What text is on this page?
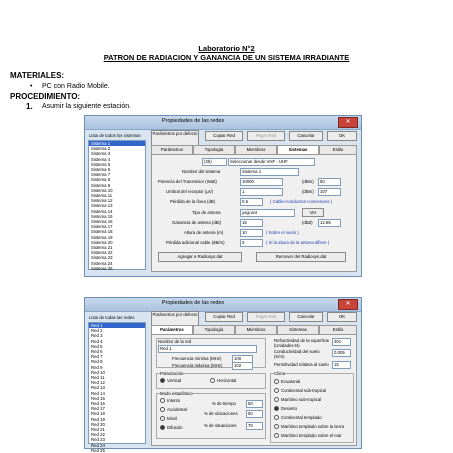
Laboratorio N°2
PATRON DE RADIACION Y GANANCIA DE UN SISTEMA IRRADIANTE
MATERIALES:
• PC con Radio Mobile.
PROCEDIMIENTO:
1. Asumir la siguiente estación.
Propiedades de las redes	✕
Lista de todos los sistemas
Sistema 1
Sistema 2
Sistema 3
Sistema 4
Sistema 5
Sistema 6
Sistema 7
Sistema 8
Sistema 9
Sistema 10
Sistema 11
Sistema 12
Sistema 13
Sistema 14
Sistema 15
Sistema 16
Sistema 17
Sistema 18
Sistema 19
Sistema 20
Sistema 21
Sistema 22
Sistema 23
Sistema 24
Sistema 25
Parámetros por defecto	Copiar Red	Pegar Red	Cancelar	OK
Parámetros	Topología	Miembros	Sistemas	Estilo
(36)	Seleccionar desde VHF - UHF
Nombre del sistema	Sistema 1
Potencia del Transmisor (Watt)	10000	(dBm)	50
Umbral del receptor (µV)	1	(dBm)	107
Pérdida de la línea (dB)	0.5	( Cable+conductos+conectores )
Tipo de antena	yagi.ant	Ver
Ganancia de antena (dBi)	15	(dBd)	12.85
Altura de antena (m)	10	( Sobre el suelo )
Pérdida adicional cable (dB/m)	0	( Si la altura de la antena difiere )
Agregar a Radiosys.dat	Remover del Radiosys.dat
Propiedades de las redes	✕
Lista de todas las redes
Red 1
Red 2
Red 3
Red 4
Red 5
Red 6
Red 7
Red 8
Red 9
Red 10
Red 11
Red 12
Red 13
Red 14
Red 15
Red 16
Red 17
Red 18
Red 19
Red 20
Red 21
Red 22
Red 23
Red 24
Red 25
Parámetros por defecto	Copiar Red	Pegar Red	Cancelar	OK
Parámetros	Topología	Miembros	Sistemas	Estilo
Nombre de la red
Red 1
Frecuencia mínima (MHz)	100
Frecuencia máxima (MHz)	102
Polarización
Vertical	Horizontal
Modo estadístico
Intento
Accidental
Móvil
Difusión
% de tiempo	50
% de ubicaciones	50
% de situaciones	70
Refractividad de la superficie (Unidades-N)
301
Conductividad del suelo (S/m)
0.005
Permitividad relativa al suelo	15
Clima
Ecuatorial
Continental sub-tropical
Marítimo sub-tropical
Desierto
Continental templado
Marítimo templado sobre la tierra
Marítimo templado sobre el mar
